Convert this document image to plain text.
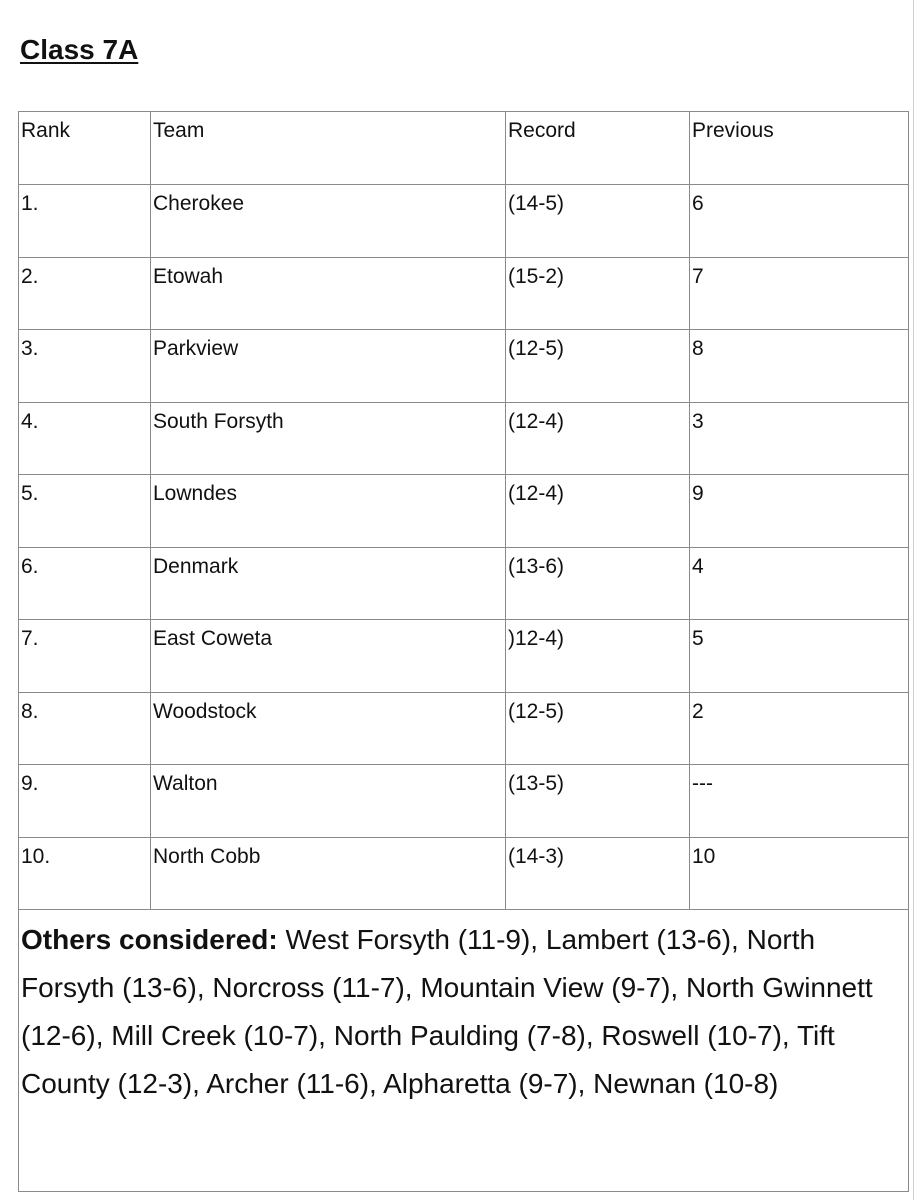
Class 7A
Rank	Team	Record	Previous
1.	Cherokee	(14-5)	6
2.	Etowah	(15-2)	7
3.	Parkview	(12-5)	8
4.	South Forsyth	(12-4)	3
5.	Lowndes	(12-4)	9
6.	Denmark	(13-6)	4
7.	East Coweta	)12-4)	5
8.	Woodstock	(12-5)	2
9.	Walton	(13-5)	---
10.	North Cobb	(14-3)	10
Others considered: West Forsyth (11-9), Lambert (13-6), North Forsyth (13-6), Norcross (11-7), Mountain View (9-7), North Gwinnett (12-6), Mill Creek (10-7), North Paulding (7-8), Roswell (10-7), Tift County (12-3), Archer (11-6), Alpharetta (9-7), Newnan (10-8)			
